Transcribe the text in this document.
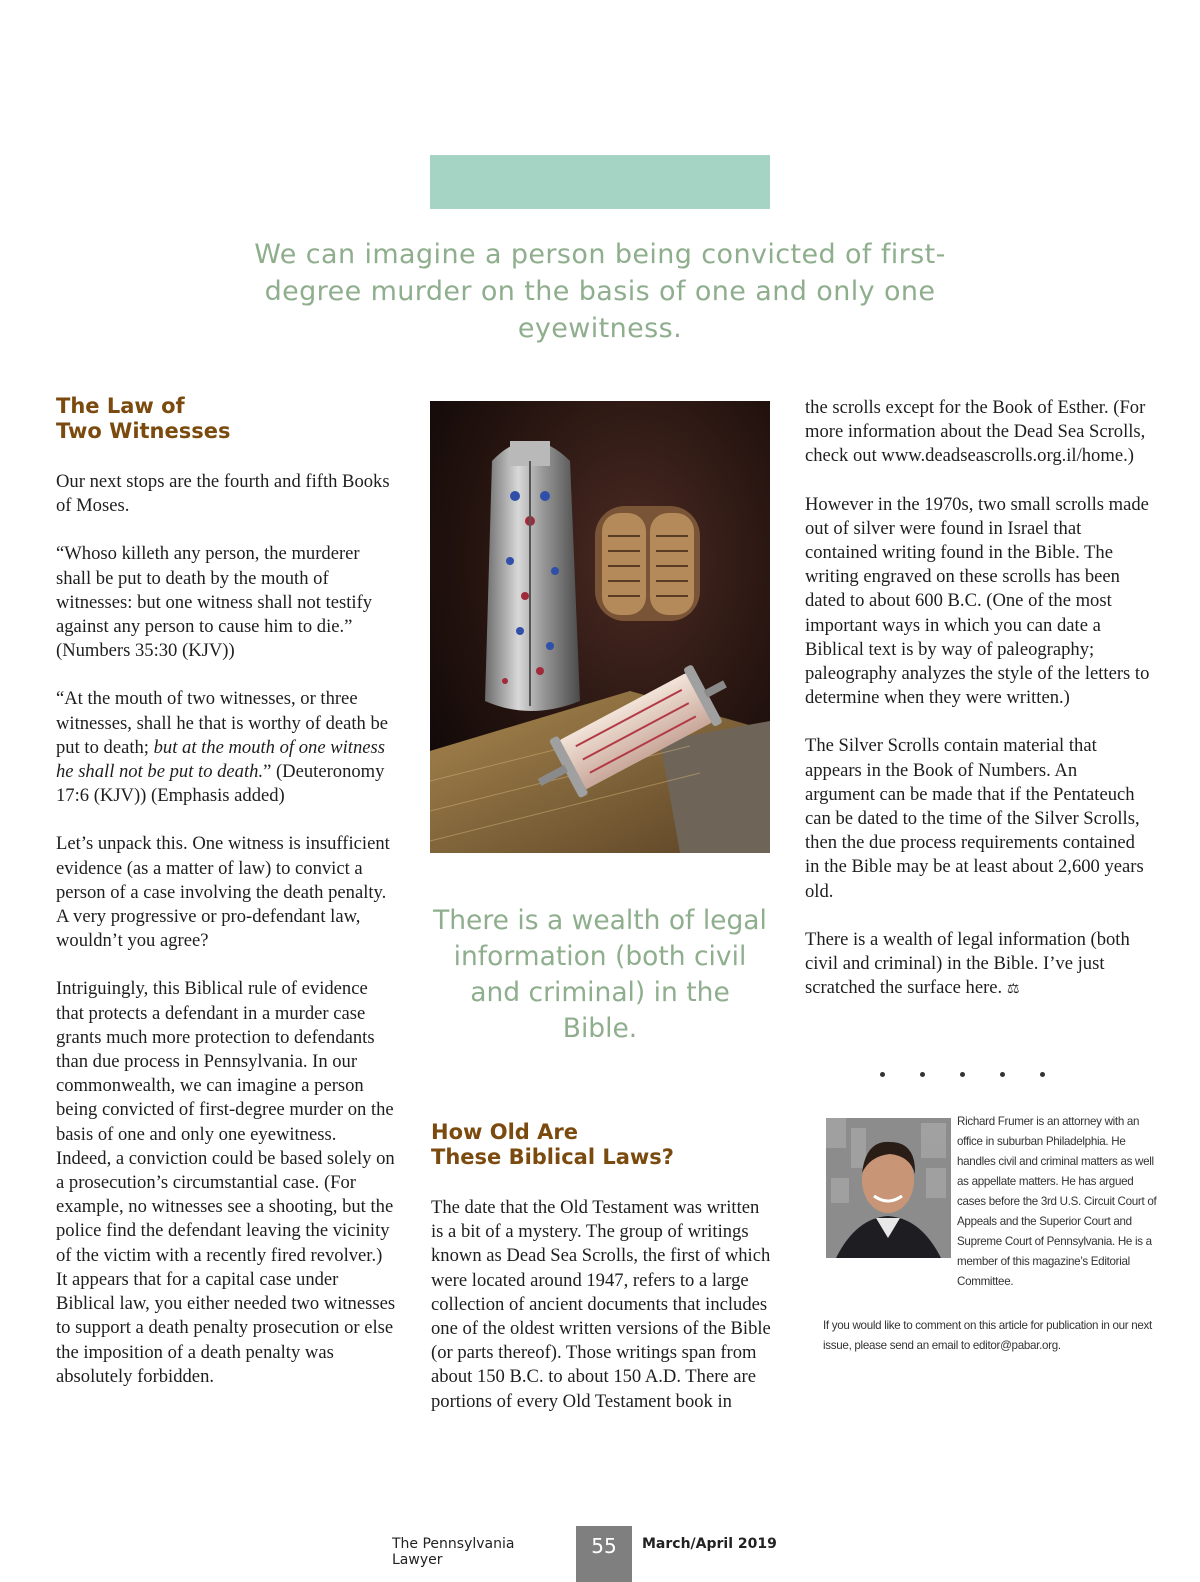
We can imagine a person being convicted of first-degree murder on the basis of one and only one eyewitness.
The Law of
Two Witnesses

Our next stops are the fourth and fifth Books of Moses.

“Whoso killeth any person, the murderer shall be put to death by the mouth of witnesses: but one witness shall not testify against any person to cause him to die.” (Numbers 35:30 (KJV))

“At the mouth of two witnesses, or three witnesses, shall he that is worthy of death be put to death; but at the mouth of one witness he shall not be put to death.” (Deuteronomy 17:6 (KJV)) (Emphasis added)

Let’s unpack this. One witness is insufficient evidence (as a matter of law) to convict a person of a case involving the death penalty. A very progressive or pro-defendant law, wouldn’t you agree?

Intriguingly, this Biblical rule of evidence that protects a defendant in a murder case grants much more protection to defendants than due process in Pennsylvania. In our commonwealth, we can imagine a person being convicted of first-degree murder on the basis of one and only one eyewitness. Indeed, a conviction could be based solely on a prosecution’s circumstantial case. (For example, no witnesses see a shooting, but the police find the defendant leaving the vicinity of the victim with a recently fired revolver.) It appears that for a capital case under Biblical law, you either needed two witnesses to support a death penalty prosecution or else the imposition of a death penalty was absolutely forbidden.

There is a wealth of legal information (both civil and criminal) in the Bible.
How Old Are
These Biblical Laws?

The date that the Old Testament was written is a bit of a mystery. The group of writings known as Dead Sea Scrolls, the first of which were located around 1947, refers to a large collection of ancient documents that includes one of the oldest written versions of the Bible (or parts thereof). Those writings span from about 150 B.C. to about 150 A.D. There are portions of every Old Testament book in

the scrolls except for the Book of Esther. (For more information about the Dead Sea Scrolls, check out www.deadseascrolls.org.il/home.)

However in the 1970s, two small scrolls made out of silver were found in Israel that contained writing found in the Bible. The writing engraved on these scrolls has been dated to about 600 B.C. (One of the most important ways in which you can date a Biblical text is by way of paleography; paleography analyzes the style of the letters to determine when they were written.)

The Silver Scrolls contain material that appears in the Book of Numbers. An argument can be made that if the Pentateuch can be dated to the time of the Silver Scrolls, then the due process requirements contained in the Bible may be at least about 2,600 years old.

There is a wealth of legal information (both civil and criminal) in the Bible. I’ve just scratched the surface here. ⚖

Richard Frumer is an attorney with an office in suburban Philadelphia. He handles civil and criminal matters as well as appellate matters. He has argued cases before the 3rd U.S. Circuit Court of Appeals and the Superior Court and Supreme Court of Pennsylvania. He is a member of this magazine’s Editorial Committee.
If you would like to comment on this article for publication in our next issue, please send an email to editor@pabar.org.
The Pennsylvania Lawyer
55	March/April 2019
